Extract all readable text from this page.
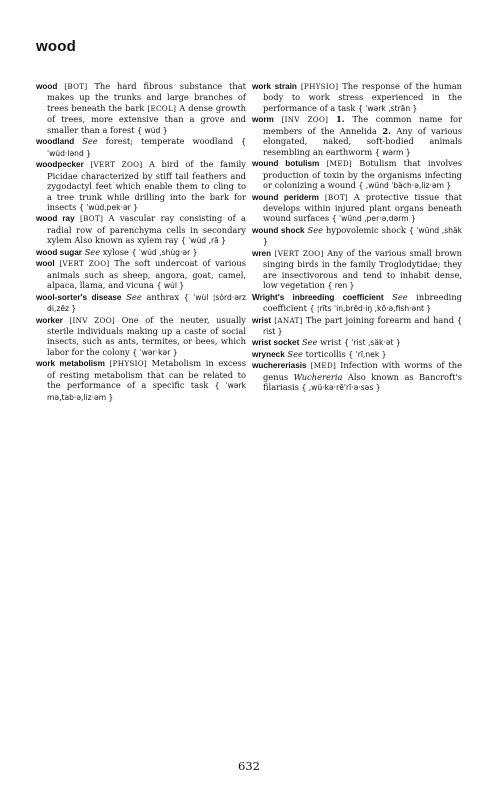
wood

wood [BOT] The hard fibrous substance that makes up the trunks and large branches of trees beneath the bark [ECOL] A dense growth of trees, more extensive than a grove and smaller than a forest { wu̇d }

woodland See forest; temperate woodland { ˈwu̇d·lənd }

woodpecker [VERT ZOO] A bird of the family Picidae characterized by stiff tail feathers and zygodactyl feet which enable them to cling to a tree trunk while drilling into the bark for insects { ˈwu̇d,pek·ər }

wood ray [BOT] A vascular ray consisting of a radial row of parenchyma cells in secondary xylem Also known as xylem ray { ˈwu̇d ,rā }

wood sugar See xylose { ˈwu̇d ,shu̇g·ər }

wool [VERT ZOO] The soft undercoat of various animals such as sheep, angora, goat, camel, alpaca, llama, and vicuna { wu̇l }

wool-sorter's disease See anthrax { ˈwu̇l ¦sȯrd·ərz di,zēz }

worker [INV ZOO] One of the neuter, usually sterile individuals making up a caste of social insects, such as ants, termites, or bees, which labor for the colony { ˈwər·kər }

work metabolism [PHYSIO] Metabolism in excess of resting metabolism that can be related to the performance of a specific task { ˈwərk mə,tab·ə,liz·əm }

work strain [PHYSIO] The response of the human body to work stress experienced in the performance of a task { ˈwərk ,strān }

worm [INV ZOO] 1. The common name for members of the Annelida 2. Any of various elongated, naked, soft-bodied animals resembling an earthworm { wərm }

wound botulism [MED] Botulism that involves production of toxin by the organisms infecting or colonizing a wound { ,wünd ˈbäch·ə,liz·əm }

wound periderm [BOT] A protective tissue that develops within injured plant organs beneath wound surfaces { ˈwünd ,per·ə,dərm }

wound shock See hypovolemic shock { ˈwünd ,shäk }

wren [VERT ZOO] Any of the various small brown singing birds in the family Troglodytidae; they are insectivorous and tend to inhabit dense, low vegetation { ren }

Wright's inbreeding coefficient See inbreeding coefficient { ¦rīts ˈin,brēd·iŋ ,kō·ə,fish·ənt }

wrist [ANAT] The part joining forearm and hand { rist }

wrist socket See wrist { ˈrist ,säk·ət }

wryneck See torticollis { ˈrī,nek }

wuchereriasis [MED] Infection with worms of the genus Wuchereria Also known as Bancroft's filariasis { ,wü·kə·rē'rī·ə·səs }

632
